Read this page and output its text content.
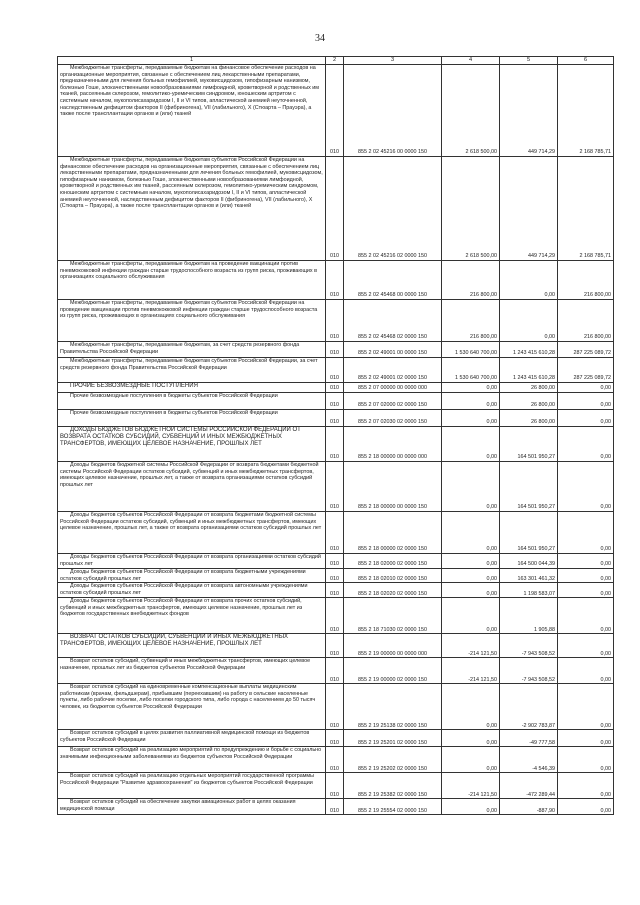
34
1	2	3	4	5	6

Межбюджетные трансферты, передаваемые бюджетам на финансовое обеспечение расходов на организационные мероприятия, связанные с обеспечением лиц лекарственными препаратами, предназначенными для лечения больных гемофилией, муковисцидозом, гипофизарным нанизмом, болезнью Гоше, злокачественными новообразованиями лимфоидной, кроветворной и родственных им тканей, рассеянным склерозом, гемолитико-уремическим синдромом, юношеским артритом с системным началом, мукополисахаридозом I, II и VI типов, апластической анемией неуточненной, наследственным дефицитом факторов II (фибриногена), VII (лабильного), X (Стюарта – Прауэра), а также после трансплантации органов и (или) тканей	010	855 2 02 45216 00 0000 150	2 618 500,00	449 714,29	2 168 785,71

Межбюджетные трансферты, передаваемые бюджетам субъектов Российской Федерации на финансовое обеспечение расходов на организационные мероприятия, связанные с обеспечением лиц лекарственными препаратами, предназначенными для лечения больных гемофилией, муковисцидозом, гипофизарным нанизмом, болезнью Гоше, злокачественными новообразованиями лимфоидной, кроветворной и родственных им тканей, рассеянным склерозом, гемолитико-уремическим синдромом, юношеским артритом с системным началом, мукополисахаридозом I, II и VI типов, апластической анемией неуточненной, наследственным дефицитом факторов II (фибриногена), VII (лабильного), X (Стюарта – Прауэра), а также после трансплантации органов и (или) тканей	010	855 2 02 45216 02 0000 150	2 618 500,00	449 714,29	2 168 785,71

Межбюджетные трансферты, передаваемые бюджетам на проведение вакцинации против пневмококковой инфекции граждан старше трудоспособного возраста из групп риска, проживающих в организациях социального обслуживания	010	855 2 02 45468 00 0000 150	216 800,00	0,00	216 800,00

Межбюджетные трансферты, передаваемые бюджетам субъектов Российской Федерации на проведение вакцинации против пневмококковой инфекции граждан старше трудоспособного возраста из групп риска, проживающих в организациях социального обслуживания	010	855 2 02 45468 02 0000 150	216 800,00	0,00	216 800,00

Межбюджетные трансферты, передаваемые бюджетам, за счет средств резервного фонда Правительства Российской Федерации	010	855 2 02 49001 00 0000 150	1 530 640 700,00	1 243 415 610,28	287 225 089,72

Межбюджетные трансферты, передаваемые бюджетам субъектов Российской Федерации, за счет средств резервного фонда Правительства Российской Федерации	010	855 2 02 49001 02 0000 150	1 530 640 700,00	1 243 415 610,28	287 225 089,72

ПРОЧИЕ БЕЗВОЗМЕЗДНЫЕ ПОСТУПЛЕНИЯ	010	855 2 07 00000 00 0000 000	0,00	26 800,00	0,00

Прочие безвозмездные поступления в бюджеты субъектов Российской Федерации	010	855 2 07 02000 02 0000 150	0,00	26 800,00	0,00

Прочие безвозмездные поступления в бюджеты субъектов Российской Федерации	010	855 2 07 02030 02 0000 150	0,00	26 800,00	0,00

ДОХОДЫ БЮДЖЕТОВ БЮДЖЕТНОЙ СИСТЕМЫ РОССИЙСКОЙ ФЕДЕРАЦИИ ОТ ВОЗВРАТА ОСТАТКОВ СУБСИДИЙ, СУБВЕНЦИЙ И ИНЫХ МЕЖБЮДЖЕТНЫХ ТРАНСФЕРТОВ, ИМЕЮЩИХ ЦЕЛЕВОЕ НАЗНАЧЕНИЕ, ПРОШЛЫХ ЛЕТ	010	855 2 18 00000 00 0000 000	0,00	164 501 950,27	0,00

Доходы бюджетов бюджетной системы Российской Федерации от возврата бюджетами бюджетной системы Российской Федерации остатков субсидий, субвенций и иных межбюджетных трансфертов, имеющих целевое назначение, прошлых лет, а также от возврата организациями остатков субсидий прошлых лет	010	855 2 18 00000 00 0000 150	0,00	164 501 950,27	0,00

Доходы бюджетов субъектов Российской Федерации от возврата бюджетами бюджетной системы Российской Федерации остатков субсидий, субвенций и иных межбюджетных трансфертов, имеющих целевое назначение, прошлых лет, а также от возврата организациями остатков субсидий прошлых лет	010	855 2 18 00000 02 0000 150	0,00	164 501 950,27	0,00

Доходы бюджетов субъектов Российской Федерации от возврата организациями остатков субсидий прошлых лет	010	855 2 18 02000 02 0000 150	0,00	164 500 044,39	0,00

Доходы бюджетов субъектов Российской Федерации от возврата бюджетными учреждениями остатков субсидий прошлых лет	010	855 2 18 02010 02 0000 150	0,00	163 301 461,32	0,00

Доходы бюджетов субъектов Российской Федерации от возврата автономными учреждениями остатков субсидий прошлых лет	010	855 2 18 02020 02 0000 150	0,00	1 198 583,07	0,00

Доходы бюджетов субъектов Российской Федерации от возврата прочих остатков субсидий, субвенций и иных межбюджетных трансфертов, имеющих целевое назначение, прошлых лет из бюджетов государственных внебюджетных фондов	010	855 2 18 71030 02 0000 150	0,00	1 905,88	0,00

ВОЗВРАТ ОСТАТКОВ СУБСИДИЙ, СУБВЕНЦИЙ И ИНЫХ МЕЖБЮДЖЕТНЫХ ТРАНСФЕРТОВ, ИМЕЮЩИХ ЦЕЛЕВОЕ НАЗНАЧЕНИЕ, ПРОШЛЫХ ЛЕТ	010	855 2 19 00000 00 0000 000	-214 121,50	-7 943 508,52	0,00

Возврат остатков субсидий, субвенций и иных межбюджетных трансфертов, имеющих целевое назначение, прошлых лет из бюджетов субъектов Российской Федерации	010	855 2 19 00000 02 0000 150	-214 121,50	-7 943 508,52	0,00

Возврат остатков субсидий на единовременные компенсационные выплаты медицинским работникам (врачам, фельдшерам), прибывшим (переехавшим) на работу в сельские населенные пункты, либо рабочие поселки, либо поселки городского типа, либо города с населением до 50 тысяч человек, из бюджетов субъектов Российской Федерации	010	855 2 19 25138 02 0000 150	0,00	-2 902 783,87	0,00

Возврат остатков субсидий в целях развития паллиативной медицинской помощи из бюджетов субъектов Российской Федерации	010	855 2 19 25201 02 0000 150	0,00	-49 777,58	0,00

Возврат остатков субсидий на реализацию мероприятий по предупреждению и борьбе с социально значимыми инфекционными заболеваниями из бюджетов субъектов Российской Федерации	010	855 2 19 25202 02 0000 150	0,00	-4 546,39	0,00

Возврат остатков субсидий на реализацию отдельных мероприятий государственной программы Российской Федерации "Развитие здравоохранения" из бюджетов субъектов Российской Федерации	010	855 2 19 25382 02 0000 150	-214 121,50	-472 289,44	0,00

Возврат остатков субсидий на обеспечение закупки авиационных работ в целях оказания медицинской помощи	010	855 2 19 25554 02 0000 150	0,00	-887,90	0,00
